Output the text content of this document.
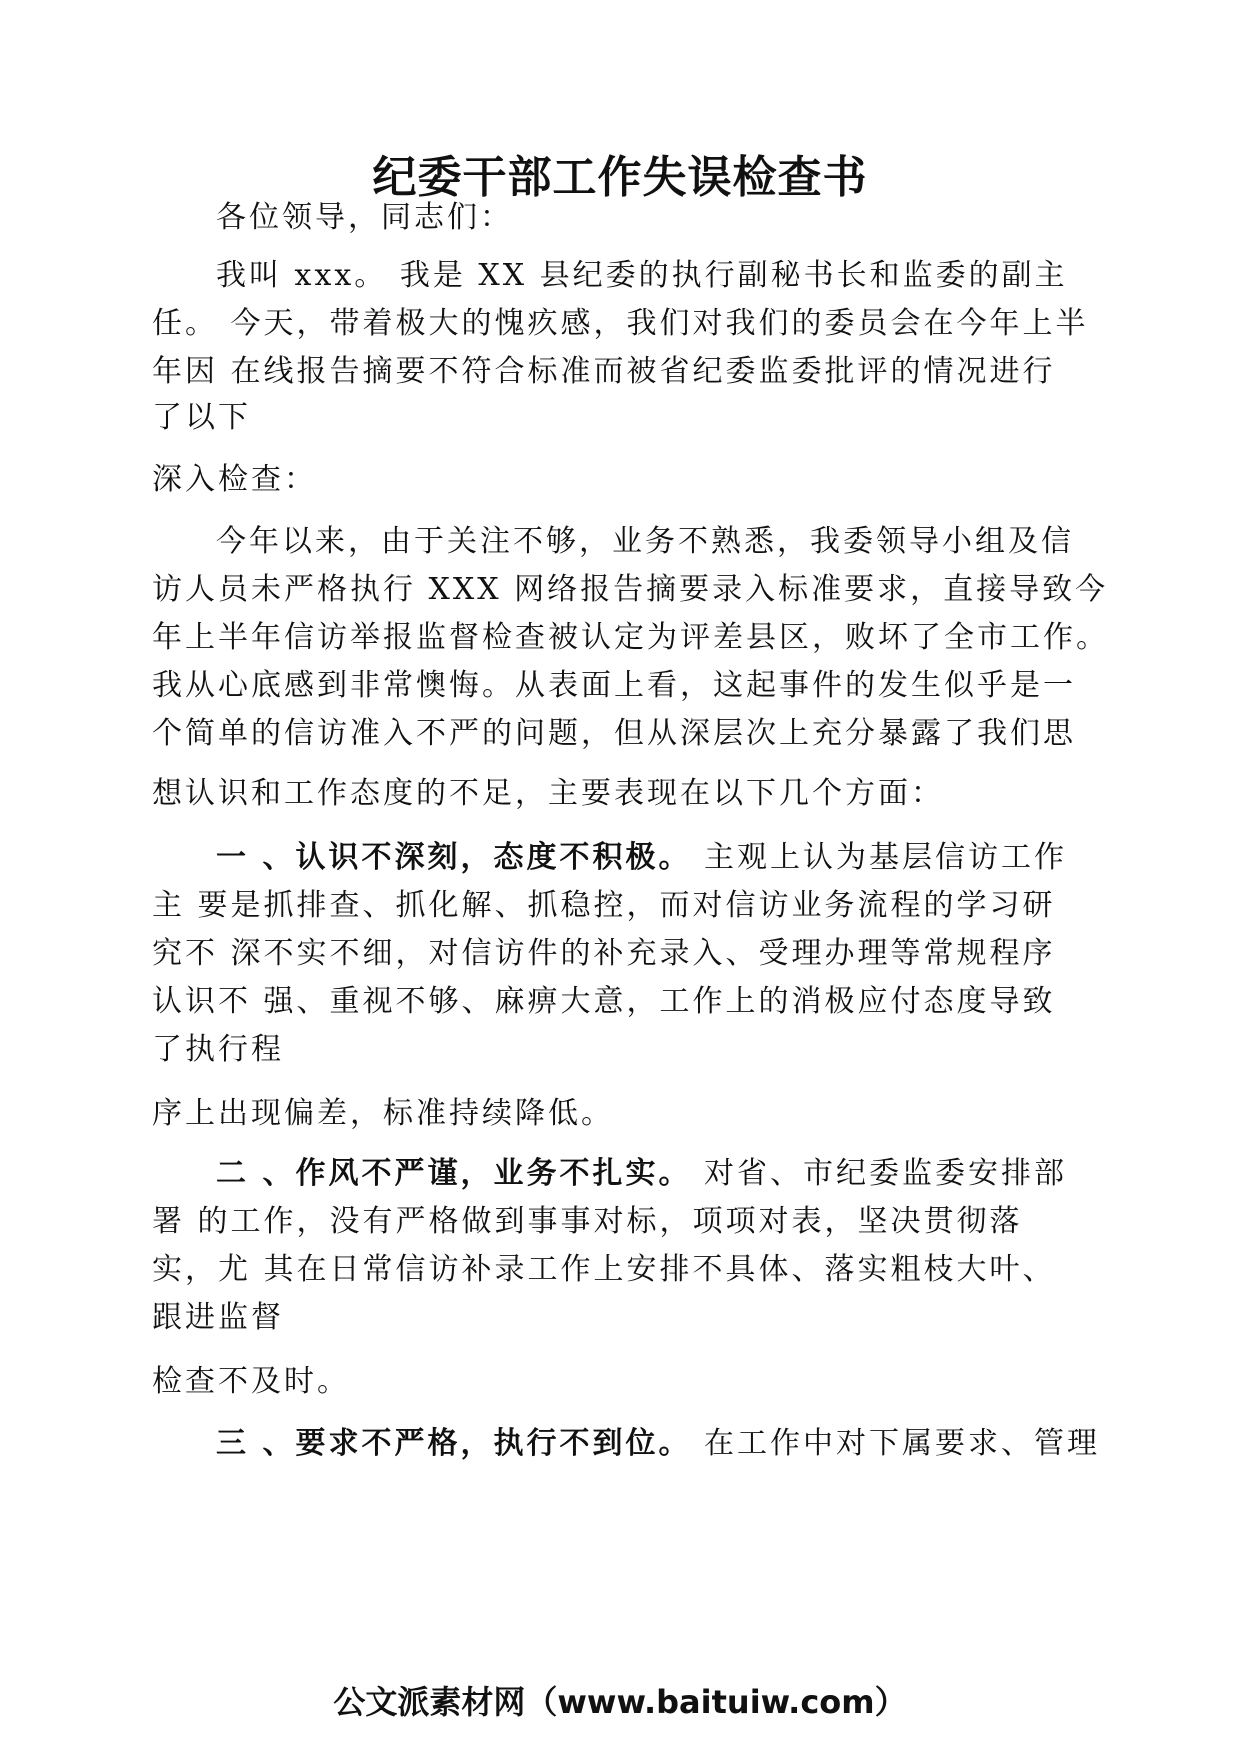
纪委干部工作失误检查书
各位领导，同志们：
我叫 xxx。 我是 XX 县纪委的执行副秘书长和监委的副主
任。 今天，带着极大的愧疚感，我们对我们的委员会在今年上半
年因 在线报告摘要不符合标准而被省纪委监委批评的情况进行
了以下
深入检查：
今年以来，由于关注不够，业务不熟悉，我委领导小组及信
访人员未严格执行 XXX 网络报告摘要录入标准要求，直接导致今
年上半年信访举报监督检查被认定为评差县区，败坏了全市工作。
我从心底感到非常懊悔。从表面上看，这起事件的发生似乎是一
个简单的信访准入不严的问题，但从深层次上充分暴露了我们思
想认识和工作态度的不足，主要表现在以下几个方面：
一 、认识不深刻，态度不积极。 主观上认为基层信访工作
主 要是抓排查、抓化解、抓稳控，而对信访业务流程的学习研
究不 深不实不细，对信访件的补充录入、受理办理等常规程序
认识不 强、重视不够、麻痹大意，工作上的消极应付态度导致
了执行程
序上出现偏差，标准持续降低。
二 、作风不严谨，业务不扎实。 对省、市纪委监委安排部
署 的工作，没有严格做到事事对标，项项对表，坚决贯彻落
实，尤 其在日常信访补录工作上安排不具体、落实粗枝大叶、
跟进监督
检查不及时。
三 、要求不严格，执行不到位。 在工作中对下属要求、管理
公文派素材网（www.baituiw.com）
